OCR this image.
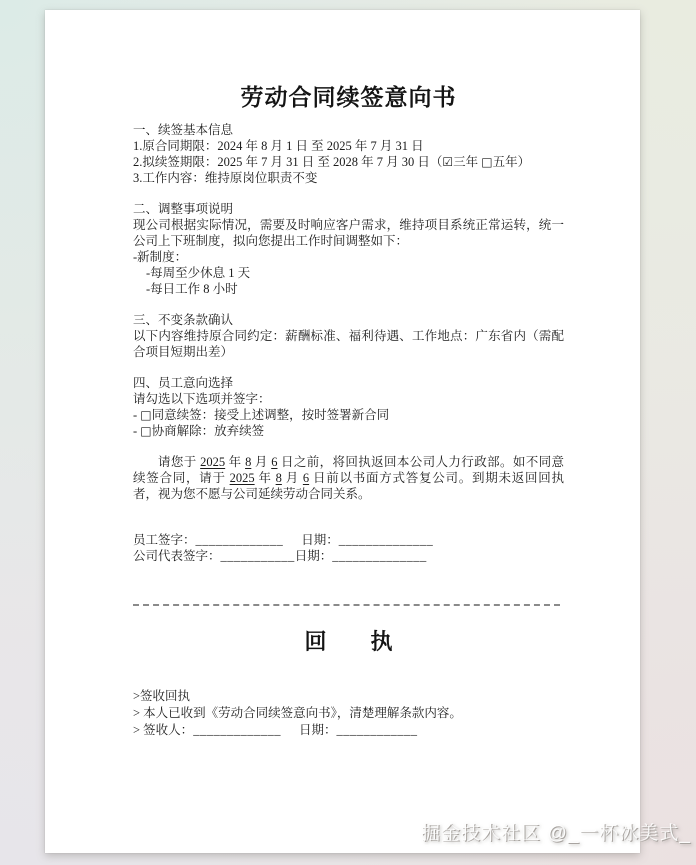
劳动合同续签意向书

一、续签基本信息

1.原合同期限：2024 年 8 月 1 日 至 2025 年 7 月 31 日

2.拟续签期限：2025 年 7 月 31 日 至 2028 年 7 月 30 日（☑三年 □五年）

3.工作内容：维持原岗位职责不变

二、调整事项说明

现公司根据实际情况，需要及时响应客户需求，维持项目系统正常运转，统一公司上下班制度，拟向您提出工作时间调整如下：

-新制度：

-每周至少休息 1 天

-每日工作 8 小时

三、不变条款确认

以下内容维持原合同约定：薪酬标准、福利待遇、工作地点：广东省内（需配合项目短期出差）

四、员工意向选择

请勾选以下选项并签字：

- □同意续签：接受上述调整，按时签署新合同

- □协商解除：放弃续签

请您于 2025 年 8 月 6 日之前，将回执返回本公司人力行政部。如不同意续签合同，请于 2025 年 8 月 6 日前以书面方式答复公司。到期未返回回执者，视为您不愿与公司延续劳动合同关系。

员工签字：_____________ 日期：______________

公司代表签字：___________日期：______________

回　　执

>签收回执

> 本人已收到《劳动合同续签意向书》，清楚理解条款内容。

> 签收人：_____________ 日期：____________

掘金技术社区 @_一杯冰美式_
